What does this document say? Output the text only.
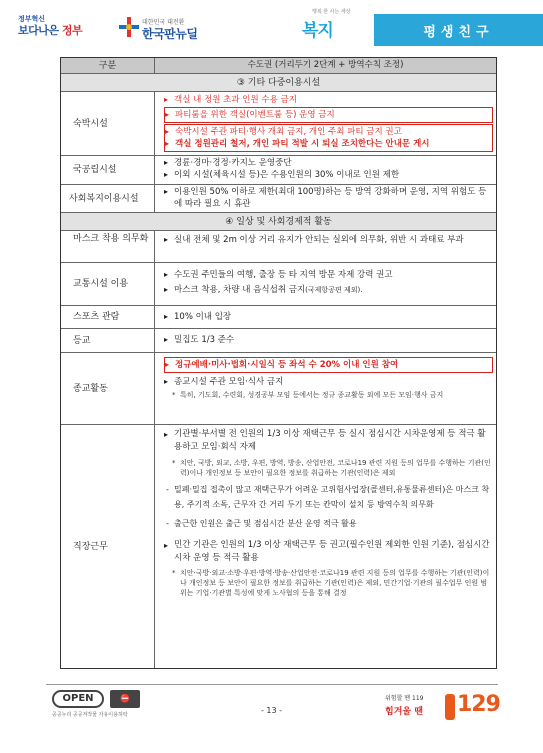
정부혁신
보다나은 정부
대한민국 대전환
한국판뉴딜
행복 한 사는 세상
복지	평생친구
구분	수도권 (거리두기 2단계 + 방역수칙 조정)
③ 기타 다중이용시설
숙박시설
▸ 객실 내 정원 초과 인원 수용 금지
▸ 파티룸을 위한 객실(이벤트룸 등) 운영 금지
▸ 숙박시설 주관 파티·행사 개최 금지, 개인 주최 파티 금지 권고
▸ 객실 정원관리 철저, 개인 파티 적발 시 퇴실 조치한다는 안내문 게시
국공립시설
▸ 경륜·경마·경정·카지노 운영중단
▸ 이외 시설(체육시설 등)은 수용인원의 30% 이내로 인원 제한
사회복지이용시설
▸ 이용인원 50% 이하로 제한(최대 100명)하는 등 방역 강화하며 운영, 지역 위험도 등에 따라 필요 시 휴관
④ 일상 및 사회경제적 활동
마스크 착용 의무화	▸ 실내 전체 및 2m 이상 거리 유지가 안되는 실외에 의무화, 위반 시 과태료 부과
교통시설 이용
▸ 수도권 주민들의 여행, 출장 등 타 지역 방문 자제 강력 권고
▸ 마스크 착용, 차량 내 음식섭취 금지(국제항공편 제외).
스포츠 관람	▸ 10% 이내 입장
등교	▸ 밀집도 1/3 준수
종교활동
▸ 정규예배·미사·법회·시일식 등 좌석 수 20% 이내 인원 참여
▸ 종교시설 주관 모임·식사 금지
* 특히, 기도회, 수련회, 성경공부 모임 등에서는 정규 종교활동 외에 모든 모임·행사 금지
직장근무
▸ 기관별·부서별 전 인원의 1/3 이상 재택근무 등 실시 점심시간 시차운영제 등 적극 활용하고 모임·회식 자제
* 치안, 국방, 외교, 소방, 우편, 방역, 방송, 산업안전, 코로나19 관련 지원 등의 업무를 수행하는 기관(인력)이나 개인정보 등 보안이 필요한 정보를 취급하는 기관(인력)은 제외
- 밀폐·밀집 접촉이 많고 재택근무가 어려운 고위험사업장(콜센터,유통물류센터)은 마스크 착용, 주기적 소독, 근무자 간 거리 두기 또는 칸막이 설치 등 방역수칙 의무화
- 출근한 인원은 출근 및 점심시간 분산 운영 적극 활용
▸ 민간 기관은 인원의 1/3 이상 재택근무 등 권고(필수인원 제외한 인원 기준), 점심시간 시차 운영 등 적극 활용
* 치안·국방·외교·소방·우편·방역·방송·산업안전·코로나19 관련 지원 등의 업무를 수행하는 기관(인력)이나 개인정보 등 보안이 필요한 정보를 취급하는 기관(인력)은 제외, 민간기업·기관의 필수업무 인원 범위는 기업·기관별 특성에 맞게 노사협의 등을 통해 결정
OPEN	⛔
공공누리 공공저작물 자유이용허락	- 13 -
위험할 땐 119
힘겨울 땐 129
